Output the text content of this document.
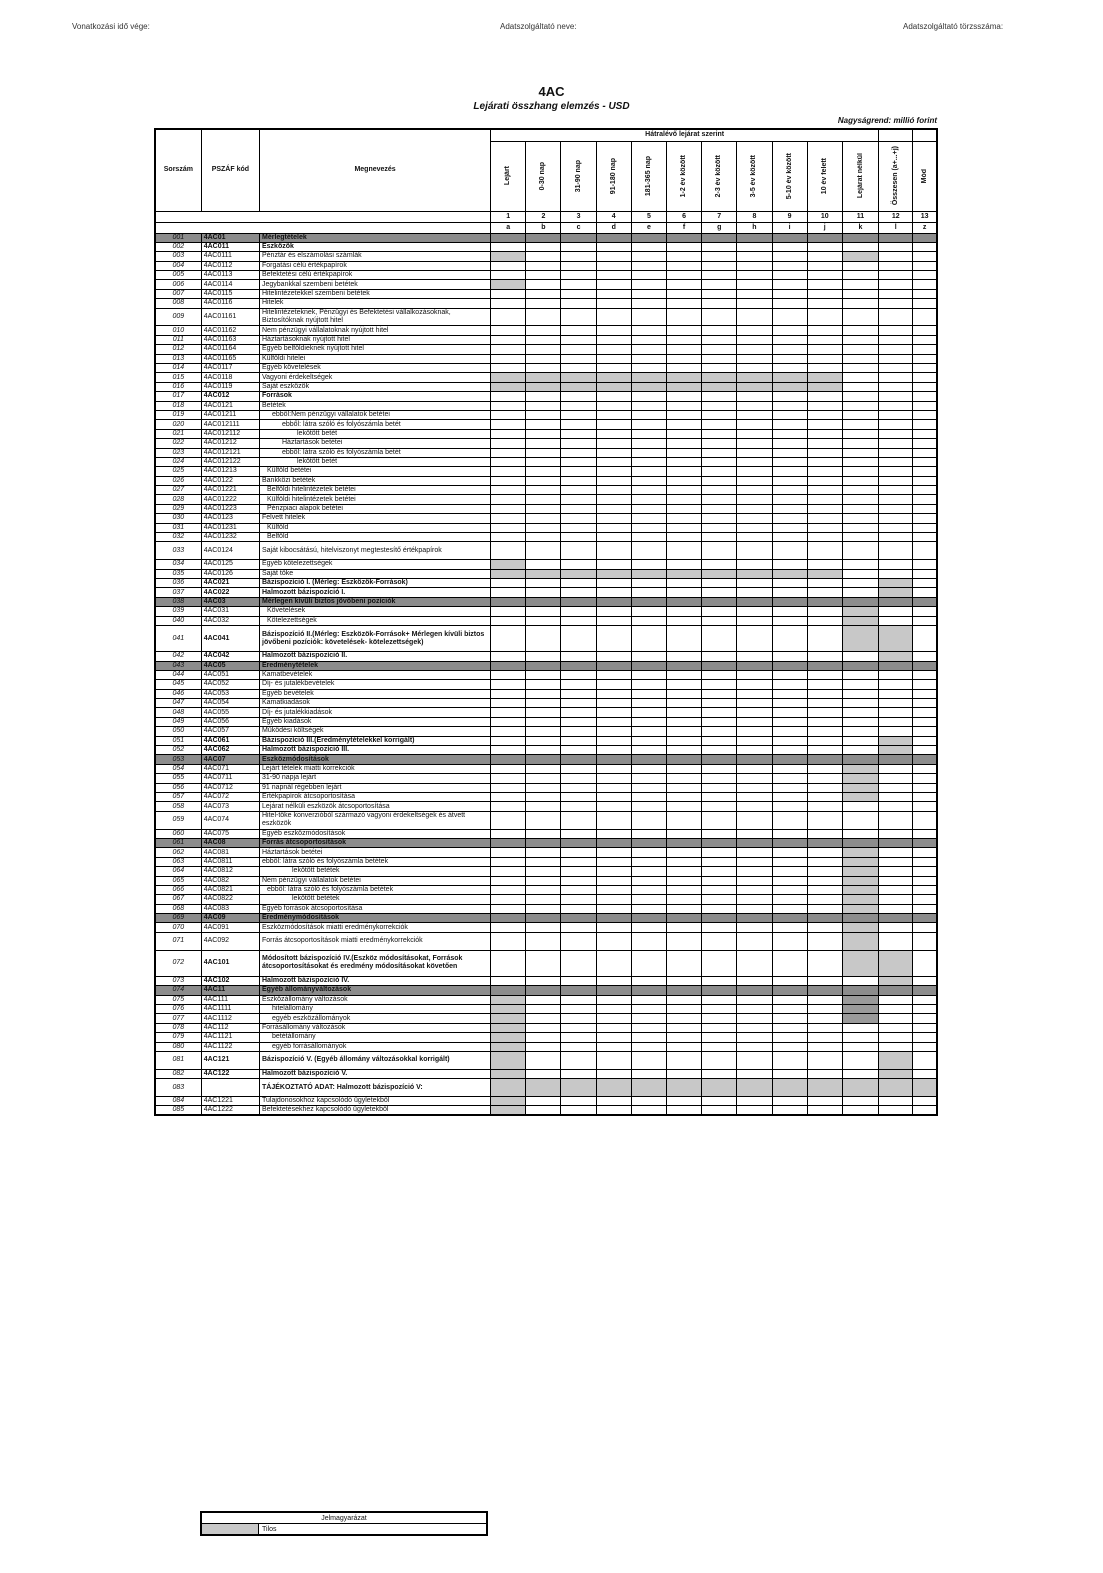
Vonatkozási idő vége:	Adatszolgáltató neve:	Adatszolgáltató törzsszáma:
4AC
Lejárati összhang elemzés - USD
Nagyságrend: millió forint
Sorszám	PSZÁF kód	Megnevezés	Hátralévő lejárat szerint												

			Lejárt	0-30 nap	31-90 nap	91-180 nap	181-365 nap	1-2 év között	2-3 év között	3-5 év között	5-10 év között	10 év felett	Lejárat nélkül	Összesen (a+...+j)	Mód

			1	2	3	4	5	6	7	8	9	10	11	12	13
			a	b	c	d	e	f	g	h	i	j	k	l	z
001	4AC01	Mérlegtételek													
002	4AC011	Eszközök													
003	4AC0111	Pénztár és elszámolási számlák													
004	4AC0112	Forgatási célú értékpapírok													
005	4AC0113	Befektetési célú értékpapírok													
006	4AC0114	Jegybankkal szembeni betétek													
007	4AC0115	Hitelintézetekkel szembeni betétek													
008	4AC0116	Hitelek													
009	4AC01161	Hitelintézeteknek, Pénzügyi és Befektetési vállalkozásoknak, Biztosítóknak nyújtott hitel													
010	4AC01162	Nem pénzügyi vállalatoknak nyújtott hitel													
011	4AC01163	Háztartásoknak nyújtott hitel													
012	4AC01164	Egyéb belföldieknek nyújtott hitel													
013	4AC01165	Külföldi hitelei													
014	4AC0117	Egyéb követelések													
015	4AC0118	Vagyoni érdekeltségek													
016	4AC0119	Saját eszközök													
017	4AC012	Források													
018	4AC0121	Betétek													
019	4AC01211	ebből:Nem pénzügyi vállalatok betétei													
020	4AC012111	ebből: látra szóló és folyószámla betét													
021	4AC012112	lekötött betét													
022	4AC01212	Háztartások betétei													
023	4AC012121	ebből: látra szóló és folyószámla betét													
024	4AC012122	lekötött betét													
025	4AC01213	Külföld betétei													
026	4AC0122	Bankközi betétek													
027	4AC01221	Belföldi hitelintézetek betétei													
028	4AC01222	Külföldi hitelintézetek betétei													
029	4AC01223	Pénzpiaci alapok betétei													
030	4AC0123	Felvett hitelek													
031	4AC01231	Külföld													
032	4AC01232	Belföld													
033	4AC0124	Saját kibocsátású, hitelviszonyt megtestesítő értékpapírok													
034	4AC0125	Egyéb kötelezettségek													
035	4AC0126	Saját tőke													
036	4AC021	Bázispozíció I. (Mérleg: Eszközök-Források)													
037	4AC022	Halmozott bázispozíció I.													
038	4AC03	Mérlegen kívüli biztos jövőbeni pozíciók													
039	4AC031	Követelések													
040	4AC032	Kötelezettségek													
041	4AC041	Bázispozíció II.(Mérleg: Eszközök-Források+ Mérlegen kívüli biztos jövőbeni pozíciók: követelések- kötelezettségek)													
042	4AC042	Halmozott bázispozíció II.													
043	4AC05	Eredménytételek													
044	4AC051	Kamatbevételek													
045	4AC052	Díj- és jutalékbevételek													
046	4AC053	Egyéb bevételek													
047	4AC054	Kamatkiadások													
048	4AC055	Díj- és jutalékkiadások													
049	4AC056	Egyéb kiadások													
050	4AC057	Működési költségek													
051	4AC061	Bázispozíció III.(Eredménytételekkel korrigált)													
052	4AC062	Halmozott bázispozíció III.													
053	4AC07	Eszközmódosítások													
054	4AC071	Lejárt tételek miatti korrekciók													
055	4AC0711	31-90 napja lejárt													
056	4AC0712	91 napnál régebben lejárt													
057	4AC072	Értékpapírok átcsoportosítása													
058	4AC073	Lejárat nélküli eszközök átcsoportosítása													
059	4AC074	Hitel-tőke konverzióból származó vagyoni érdekeltségek és átvett eszközök													
060	4AC075	Egyéb eszközmódosítások													
061	4AC08	Forrás átcsoportosítások													
062	4AC081	Háztartások betétei													
063	4AC0811	ebből: látra szóló és folyószámla betétek													
064	4AC0812	lekötött betétek													
065	4AC082	Nem pénzügyi vállalatok betétei													
066	4AC0821	ebből: látra szóló és folyószámla betétek													
067	4AC0822	lekötött betétek													
068	4AC083	Egyéb források átcsoportosítása													
069	4AC09	Eredménymódosítások													
070	4AC091	Eszközmódosítások miatti eredménykorrekciók													
071	4AC092	Forrás átcsoportosítások miatti eredménykorrekciók													
072	4AC101	Módosított bázispozíció IV.(Eszköz módosításokat, Források átcsoportosításokat és eredmény módosításokat követően													
073	4AC102	Halmozott bázispozíció IV.													
074	4AC11	Egyéb állományváltozások													
075	4AC111	Eszközállomány változások													
076	4AC1111	hitelállomány													
077	4AC1112	egyéb eszközállományok													
078	4AC112	Forrásállomány változások													
079	4AC1121	betétállomány													
080	4AC1122	egyéb forrásállományok													
081	4AC121	Bázispozíció V. (Egyéb állomány változásokkal korrigált)													
082	4AC122	Halmozott bázispozíció V.													
083		TÁJÉKOZTATÓ ADAT: Halmozott bázispozíció V:													
084	4AC1221	Tulajdonosokhoz kapcsolódó ügyletekből													
085	4AC1222	Befektetésekhez kapcsolódó ügyletekből													
Jelmagyarázat
	Tilos
